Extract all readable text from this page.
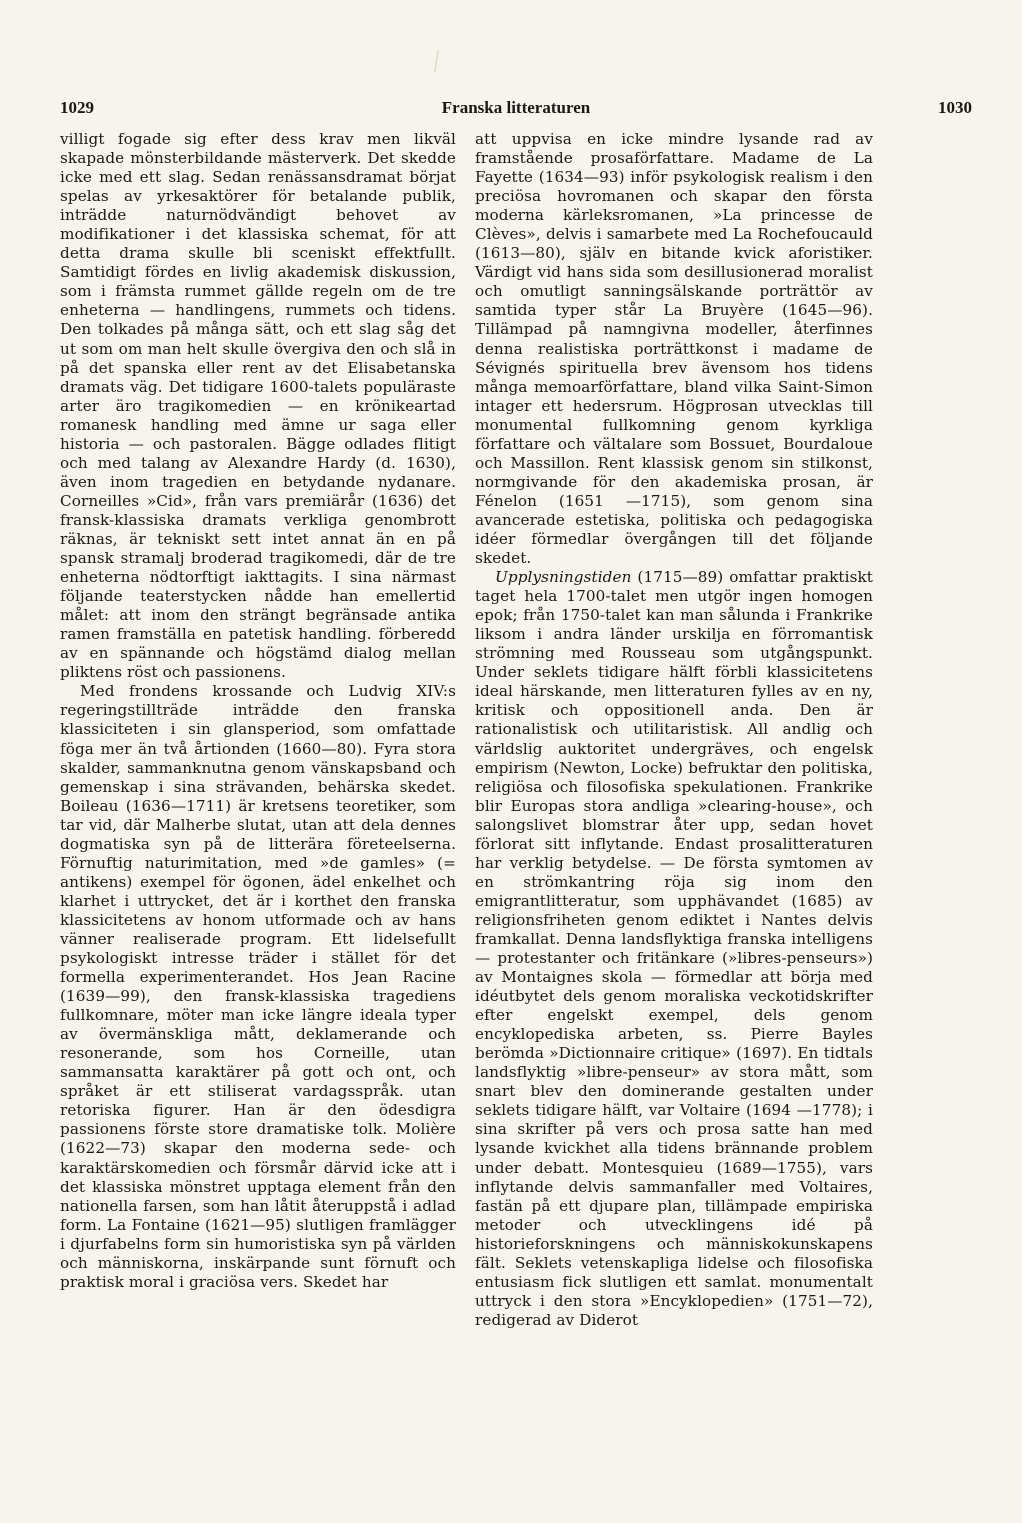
1029	Franska litteraturen	1030

villigt fogade sig efter dess krav men likväl skapade mönsterbildande mästerverk. Det skedde icke med ett slag. Sedan renässansdramat börjat spelas av yrkesaktörer för betalande publik, inträdde naturnödvändigt behovet av modifikationer i det klassiska schemat, för att detta drama skulle bli sceniskt effektfullt. Samtidigt fördes en livlig akademisk diskussion, som i främsta rummet gällde regeln om de tre enheterna — handlingens, rummets och tidens. Den tolkades på många sätt, och ett slag såg det ut som om man helt skulle övergiva den och slå in på det spanska eller rent av det Elisabetanska dramats väg. Det tidigare 1600-talets populäraste arter äro tragikomedien — en krönikeartad romanesk handling med ämne ur saga eller historia — och pastoralen. Bägge odlades flitigt och med talang av Alexandre Hardy (d. 1630), även inom tragedien en betydande nydanare. Corneilles »Cid», från vars premiärår (1636) det fransk-klassiska dramats verkliga genombrott räknas, är tekniskt sett intet annat än en på spansk stramalj broderad tragikomedi, där de tre enheterna nödtorftigt iakttagits. I sina närmast följande teaterstycken nådde han emellertid målet: att inom den strängt begränsade antika ramen framställa en patetisk handling. förberedd av en spännande och högstämd dialog mellan pliktens röst och passionens.

Med frondens krossande och Ludvig XIV:s regeringstillträde inträdde den franska klassiciteten i sin glansperiod, som omfattade föga mer än två årtionden (1660—80). Fyra stora skalder, sammanknutna genom vänskapsband och gemenskap i sina strävanden, behärska skedet. Boileau (1636—1711) är kretsens teoretiker, som tar vid, där Malherbe slutat, utan att dela dennes dogmatiska syn på de litterära företeelserna. Förnuftig naturimitation, med »de gamles» (= antikens) exempel för ögonen, ädel enkelhet och klarhet i uttrycket, det är i korthet den franska klassicitetens av honom utformade och av hans vänner realiserade program. Ett lidelsefullt psykologiskt intresse träder i stället för det formella experimenterandet. Hos Jean Racine (1639—99), den fransk-klassiska tragediens fullkomnare, möter man icke längre ideala typer av övermänskliga mått, deklamerande och resonerande, som hos Corneille, utan sammansatta karaktärer på gott och ont, och språket är ett stiliserat vardagsspråk. utan retoriska figurer. Han är den ödesdigra passionens förste store dramatiske tolk. Molière (1622—73) skapar den moderna sede- och karaktärskomedien och försmår därvid icke att i det klassiska mönstret upptaga element från den nationella farsen, som han låtit återuppstå i adlad form. La Fontaine (1621—95) slutligen framlägger i djurfabelns form sin humoristiska syn på världen och människorna, inskärpande sunt förnuft och praktisk moral i graciösa vers. Skedet har

att uppvisa en icke mindre lysande rad av framstående prosaförfattare. Madame de La Fayette (1634—93) inför psykologisk realism i den preciösa hovromanen och skapar den första moderna kärleksromanen, »La princesse de Clèves», delvis i samarbete med La Rochefoucauld (1613—80), själv en bitande kvick aforistiker. Värdigt vid hans sida som desillusionerad moralist och omutligt sanningsälskande porträttör av samtida typer står La Bruyère (1645—96). Tillämpad på namngivna modeller, återfinnes denna realistiska porträttkonst i madame de Sévignés spirituella brev ävensom hos tidens många memoarförfattare, bland vilka Saint-Simon intager ett hedersrum. Högprosan utvecklas till monumental fullkomning genom kyrkliga författare och vältalare som Bossuet, Bourdaloue och Massillon. Rent klassisk genom sin stilkonst, normgivande för den akademiska prosan, är Fénelon (1651 —1715), som genom sina avancerade estetiska, politiska och pedagogiska idéer förmedlar övergången till det följande skedet.

Upplysningstiden (1715—89) omfattar praktiskt taget hela 1700-talet men utgör ingen homogen epok; från 1750-talet kan man sålunda i Frankrike liksom i andra länder urskilja en förromantisk strömning med Rousseau som utgångspunkt. Under seklets tidigare hälft förbli klassicitetens ideal härskande, men litteraturen fylles av en ny, kritisk och oppositionell anda. Den är rationalistisk och utilitaristisk. All andlig och världslig auktoritet undergräves, och engelsk empirism (Newton, Locke) befruktar den politiska, religiösa och filosofiska spekulationen. Frankrike blir Europas stora andliga »clearing-house», och salongslivet blomstrar åter upp, sedan hovet förlorat sitt inflytande. Endast prosalitteraturen har verklig betydelse. — De första symtomen av en strömkantring röja sig inom den emigrantlitteratur, som upphävandet (1685) av religionsfriheten genom ediktet i Nantes delvis framkallat. Denna landsflyktiga franska intelligens — protestanter och fritänkare (»libres-penseurs») av Montaignes skola — förmedlar att börja med idéutbytet dels genom moraliska veckotidskrifter efter engelskt exempel, dels genom encyklopediska arbeten, ss. Pierre Bayles berömda »Dictionnaire critique» (1697). En tidtals landsflyktig »libre-penseur» av stora mått, som snart blev den dominerande gestalten under seklets tidigare hälft, var Voltaire (1694 —1778); i sina skrifter på vers och prosa satte han med lysande kvickhet alla tidens brännande problem under debatt. Montesquieu (1689—1755), vars inflytande delvis sammanfaller med Voltaires, fastän på ett djupare plan, tillämpade empiriska metoder och utvecklingens idé på historieforskningens och människokunskapens fält. Seklets vetenskapliga lidelse och filosofiska entusiasm fick slutligen ett samlat. monumentalt uttryck i den stora »Encyklopedien» (1751—72), redigerad av Diderot
